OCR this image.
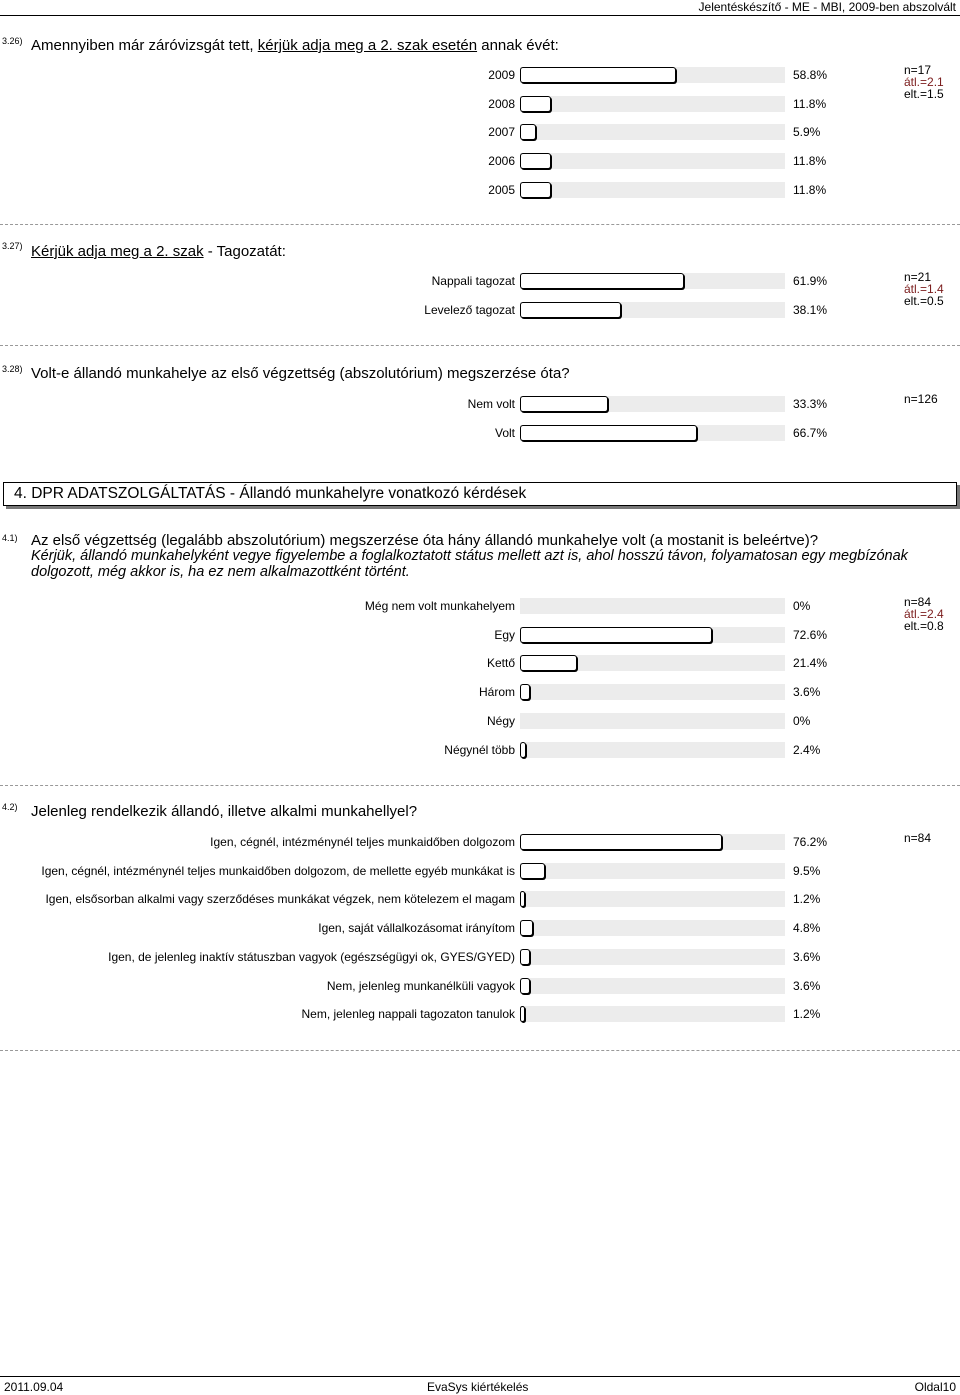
Jelentéskészítő - ME - MBI, 2009-ben abszolvált
3.26) Amennyiben már záróvizsgát tett, kérjük adja meg a 2. szak esetén annak évét:
2009	58.8%
2008	11.8%
2007	5.9%
2006	11.8%
2005	11.8%
n=17
átl.=2.1
elt.=1.5
3.27) Kérjük adja meg a 2. szak - Tagozatát:
Nappali tagozat	61.9%
Levelező tagozat	38.1%
n=21
átl.=1.4
elt.=0.5
3.28) Volt-e állandó munkahelye az első végzettség (abszolutórium) megszerzése óta?
Nem volt	33.3%
Volt	66.7%
n=126
4.1) Az első végzettség (legalább abszolutórium) megszerzése óta hány állandó munkahelye volt (a mostanit is beleértve)?
Kérjük, állandó munkahelyként vegye figyelembe a foglalkoztatott státus mellett azt is, ahol hosszú távon, folyamatosan egy megbízónak dolgozott, még akkor is, ha ez nem alkalmazottként történt.
Még nem volt munkahelyem	0%
Egy	72.6%
Kettő	21.4%
Három	3.6%
Négy	0%
Négynél több	2.4%
n=84
átl.=2.4
elt.=0.8
4.2) Jelenleg rendelkezik állandó, illetve alkalmi munkahellyel?
Igen, cégnél, intézménynél teljes munkaidőben dolgozom	76.2%
Igen, cégnél, intézménynél teljes munkaidőben dolgozom, de mellette egyéb munkákat is	9.5%
Igen, elsősorban alkalmi vagy szerződéses munkákat végzek, nem kötelezem el magam	1.2%
Igen, saját vállalkozásomat irányítom	4.8%
Igen, de jelenleg inaktív státuszban vagyok (egészségügyi ok, GYES/GYED)	3.6%
Nem, jelenleg munkanélküli vagyok	3.6%
Nem, jelenleg nappali tagozaton tanulok	1.2%
n=84
4. DPR ADATSZOLGÁLTATÁS - Állandó munkahelyre vonatkozó kérdések
2011.09.04	EvaSys kiértékelés	Oldal10
